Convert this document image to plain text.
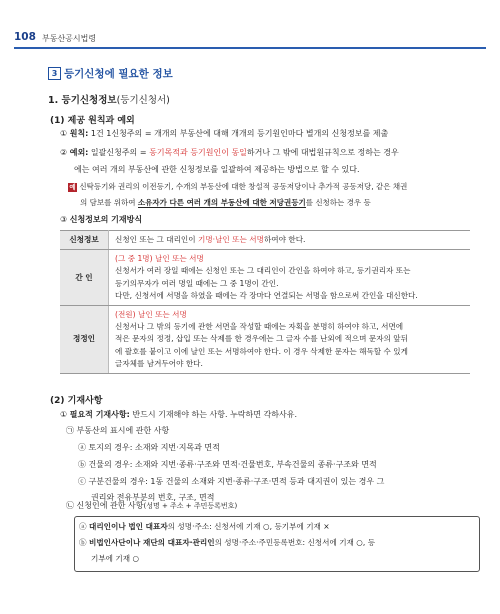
108 부동산공시법령
3 등기신청에 필요한 정보
1. 등기신청정보(등기신청서)
(1) 제공 원칙과 예외
① 원칙: 1건 1신청주의 = 개개의 부동산에 대해 개개의 등기원인마다 별개의 신청정보를 제출
② 예외: 일괄신청주의 = 동기목적과 등기원인이 동일하거나 그 밖에 대법원규칙으로 정하는 경우
에는 여러 개의 부동산에 관한 신청정보를 일괄하여 제공하는 방법으로 할 수 있다.
예 신탁등기와 권리의 이전등기, 수개의 부동산에 대한 창설적 공동저당이나 추가적 공동저당, 같은 채권
의 담보를 위하여 소유자가 다른 여러 개의 부동산에 대한 저당권등기를 신청하는 경우 등
③ 신청정보의 기재방식
신청정보	신청인 또는 그 대리인이 기명·날인 또는 서명하여야 한다.
간 인	(그 중 1명) 날인 또는 서명
신청서가 여러 장일 때에는 신청인 또는 그 대리인이 간인을 하여야 하고, 등기권리자 또는
등기의무자가 여러 명일 때에는 그 중 1명이 간인.
다만, 신청서에 서명을 하였을 때에는 각 장마다 연결되는 서명을 함으로써 간인을 대신한다.

정정인	(전원) 날인 또는 서명
신청서나 그 밖의 등기에 관한 서면을 작성할 때에는 자획을 분명히 하여야 하고, 서면에
적은 문자의 정정, 삽입 또는 삭제를 한 경우에는 그 글자 수를 난외에 적으며 문자의 앞뒤
에 괄호를 붙이고 이에 날인 또는 서명하여야 한다. 이 경우 삭제한 문자는 해독할 수 있게
글자체를 남겨두어야 한다.
(2) 기재사항
① 필요적 기재사항: 반드시 기재해야 하는 사항. 누락하면 각하사유.
㉠ 부동산의 표시에 관한 사항
ⓐ 토지의 경우: 소재와 지번·지목과 면적
ⓑ 건물의 경우: 소재와 지번·종류·구조와 면적·건물번호, 부속건물의 종류·구조와 면적
ⓒ 구분건물의 경우: 1동 건물의 소재와 지번·종류·구조·면적 등과 대지권이 있는 경우 그
권리와 전유부분의 번호, 구조, 면적
㉡ 신청인에 관한 사항(성명 + 주소 + 주민등록번호)
ⓐ 대리인이나 법인 대표자의 성명·주소: 신청서에 기재 ○, 등기부에 기재 ×
ⓑ 비법인사단이나 재단의 대표자·관리인의 성명·주소·주민등록번호: 신청서에 기재 ○, 등
기부에 기재 ○
